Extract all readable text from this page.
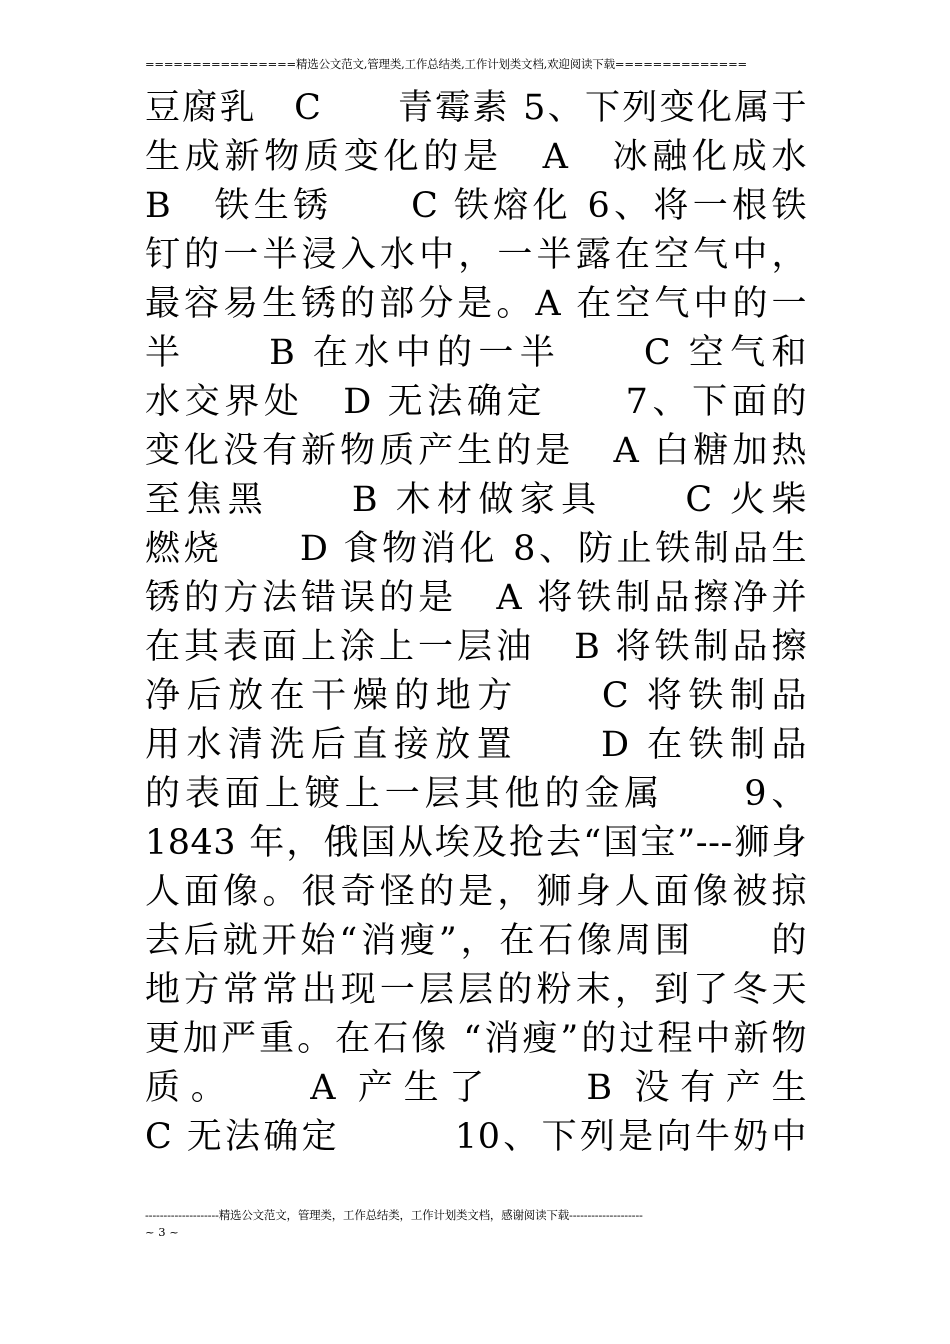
================精选公文范文,管理类,工作总结类,工作计划类文档,欢迎阅读下载==============
豆腐乳　C　　青霉素 5、下列变化属于
生成新物质变化的是　A　冰融化成水
B　铁生锈　　C 铁熔化 6、将一根铁
钉的一半浸入水中，一半露在空气中，
最容易生锈的部分是。A 在空气中的一
半　　B 在水中的一半　　C 空气和
水交界处　D 无法确定　　7、下面的
变化没有新物质产生的是　A 白糖加热
至焦黑　　B 木材做家具　　C 火柴
燃烧　　D 食物消化 8、防止铁制品生
锈的方法错误的是　A 将铁制品擦净并
在其表面上涂上一层油　B 将铁制品擦
净后放在干燥的地方　　C 将铁制品
用水清洗后直接放置　　D 在铁制品
的表面上镀上一层其他的金属　　9、
1843 年，俄国从埃及抢去“国宝”---狮身
人面像。很奇怪的是，狮身人面像被掠
去后就开始“消瘦”，在石像周围　　的
地方常常出现一层层的粉末，到了冬天
更加严重。在石像 “消瘦”的过程中新物
质。　　A 产生了　　B 没有产生
C 无法确定　　　10、下列是向牛奶中
--------------------精选公文范文，管理类，工作总结类，工作计划类文档，感谢阅读下载--------------------
~ 3 ~
